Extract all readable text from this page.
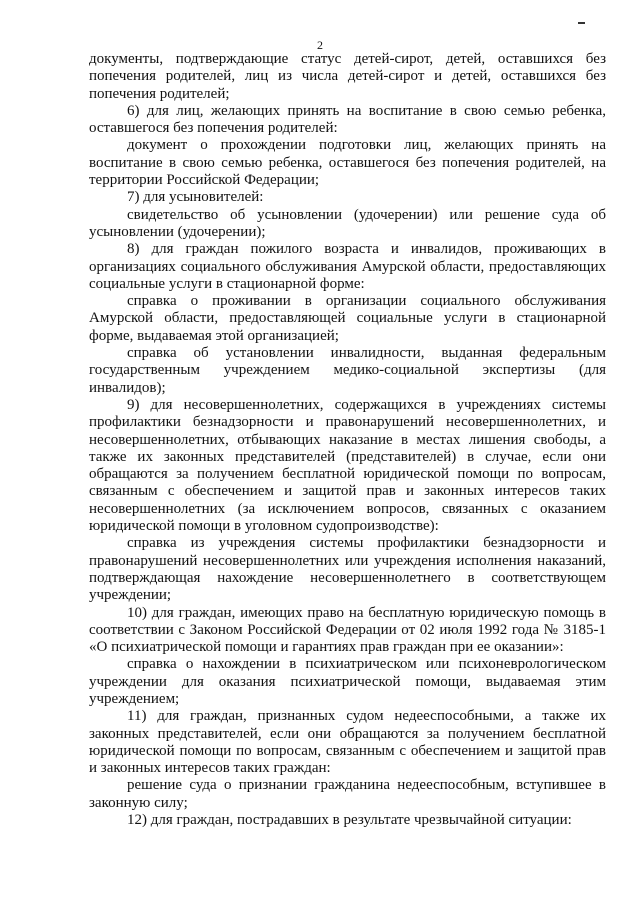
2

документы, подтверждающие статус детей-сирот, детей, оставшихся без попечения родителей, лиц из числа детей-сирот и детей, оставшихся без попечения родителей;

6) для лиц, желающих принять на воспитание в свою семью ребенка, оставшегося без попечения родителей:

документ о прохождении подготовки лиц, желающих принять на воспитание в свою семью ребенка, оставшегося без попечения родителей, на территории Российской Федерации;

7) для усыновителей:

свидетельство об усыновлении (удочерении) или решение суда об усыновлении (удочерении);

8) для граждан пожилого возраста и инвалидов, проживающих в организациях социального обслуживания Амурской области, предоставляющих социальные услуги в стационарной форме:

справка о проживании в организации социального обслуживания Амурской области, предоставляющей социальные услуги в стационарной форме, выдаваемая этой организацией;

справка об установлении инвалидности, выданная федеральным государственным учреждением медико-социальной экспертизы (для инвалидов);

9) для несовершеннолетних, содержащихся в учреждениях системы профилактики безнадзорности и правонарушений несовершеннолетних, и несовершеннолетних, отбывающих наказание в местах лишения свободы, а также их законных представителей (представителей) в случае, если они обращаются за получением бесплатной юридической помощи по вопросам, связанным с обеспечением и защитой прав и законных интересов таких несовершеннолетних (за исключением вопросов, связанных с оказанием юридической помощи в уголовном судопроизводстве):

справка из учреждения системы профилактики безнадзорности и правонарушений несовершеннолетних или учреждения исполнения наказаний, подтверждающая нахождение несовершеннолетнего в соответствующем учреждении;

10) для граждан, имеющих право на бесплатную юридическую помощь в соответствии с Законом Российской Федерации от 02 июля 1992 года № 3185-1 «О психиатрической помощи и гарантиях прав граждан при ее оказании»:

справка о нахождении в психиатрическом или психоневрологическом учреждении для оказания психиатрической помощи, выдаваемая этим учреждением;

11) для граждан, признанных судом недееспособными, а также их законных представителей, если они обращаются за получением бесплатной юридической помощи по вопросам, связанным с обеспечением и защитой прав и законных интересов таких граждан:

решение суда о признании гражданина недееспособным, вступившее в законную силу;

12) для граждан, пострадавших в результате чрезвычайной ситуации:
